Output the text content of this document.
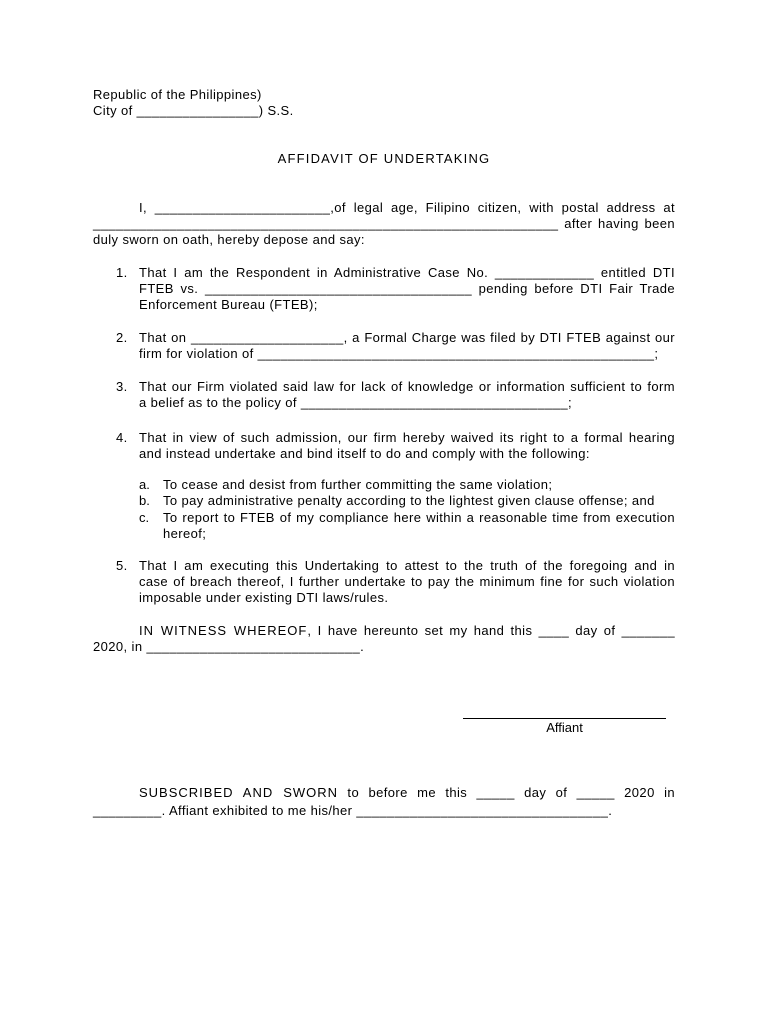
Republic of the Philippines)
City of ________________) S.S.
AFFIDAVIT OF UNDERTAKING
I, _______________________,of legal age, Filipino citizen, with postal address at
_____________________________________________________________ after having been
duly sworn on oath, hereby depose and say:
1. That I am the Respondent in Administrative Case No. _____________ entitled DTI
FTEB vs. ___________________________________ pending before DTI Fair Trade
Enforcement Bureau (FTEB);
2. That on ____________________, a Formal Charge was filed by DTI FTEB against our
firm for violation of ____________________________________________________;
3. That our Firm violated said law for lack of knowledge or information sufficient to form
a belief as to the policy of ___________________________________;
4. That in view of such admission, our firm hereby waived its right to a formal hearing
and instead undertake and bind itself to do and comply with the following:
a. To cease and desist from further committing the same violation;
b. To pay administrative penalty according to the lightest given clause offense; and
c. To report to FTEB of my compliance here within a reasonable time from execution
hereof;
5. That I am executing this Undertaking to attest to the truth of the foregoing and in
case of breach thereof, I further undertake to pay the minimum fine for such violation
imposable under existing DTI laws/rules.
IN WITNESS WHEREOF, I have hereunto set my hand this ____ day of _______
2020, in ____________________________.
Affiant
SUBSCRIBED AND SWORN to before me this _____ day of _____ 2020 in
_________. Affiant exhibited to me his/her _________________________________.
